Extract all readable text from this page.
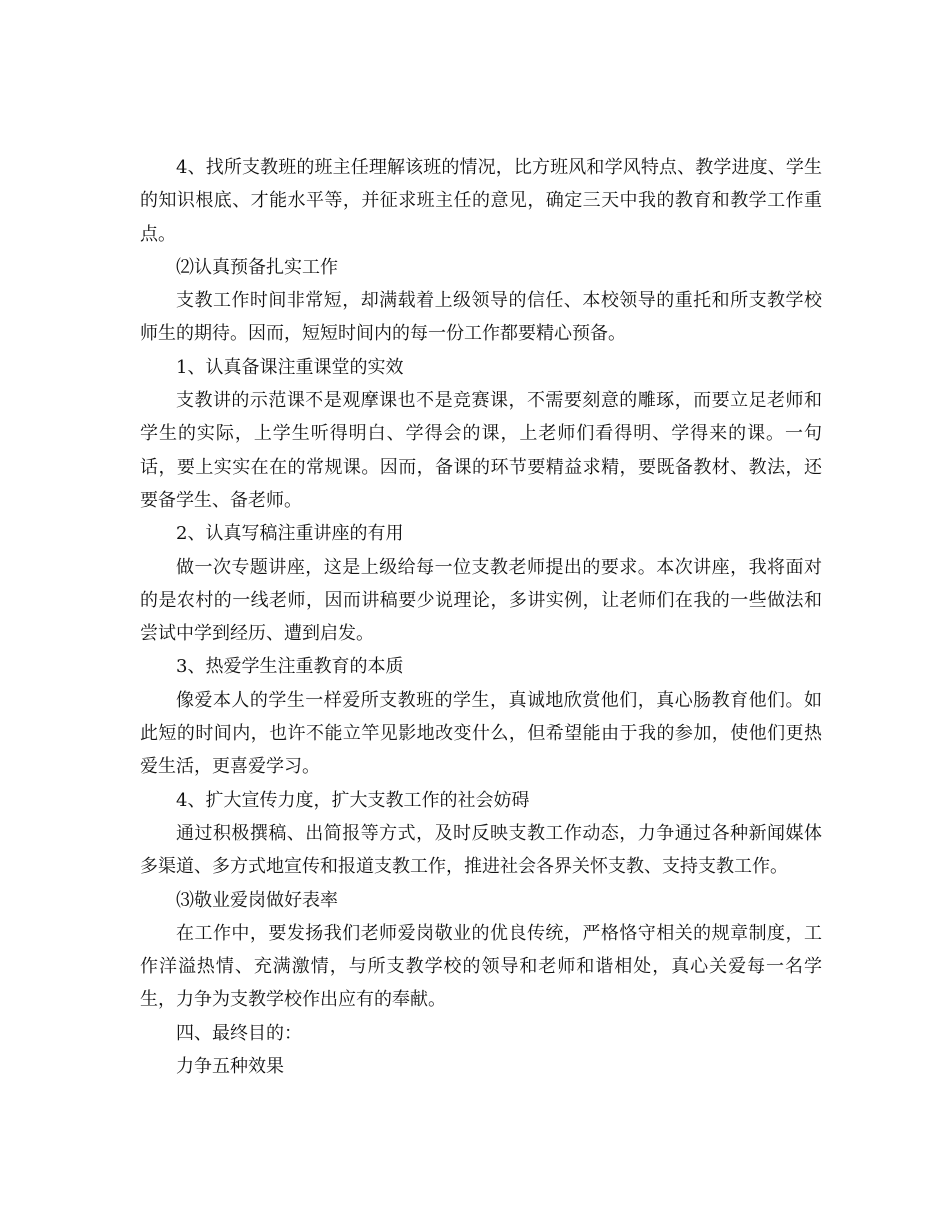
4、找所支教班的班主任理解该班的情况，比方班风和学风特点、教学进度、学生的知识根底、才能水平等，并征求班主任的意见，确定三天中我的教育和教学工作重点。

⑵认真预备扎实工作

支教工作时间非常短，却满载着上级领导的信任、本校领导的重托和所支教学校师生的期待。因而，短短时间内的每一份工作都要精心预备。

1、认真备课注重课堂的实效

支教讲的示范课不是观摩课也不是竞赛课，不需要刻意的雕琢，而要立足老师和学生的实际，上学生听得明白、学得会的课，上老师们看得明、学得来的课。一句话，要上实实在在的常规课。因而，备课的环节要精益求精，要既备教材、教法，还要备学生、备老师。

2、认真写稿注重讲座的有用

做一次专题讲座，这是上级给每一位支教老师提出的要求。本次讲座，我将面对的是农村的一线老师，因而讲稿要少说理论，多讲实例，让老师们在我的一些做法和尝试中学到经历、遭到启发。

3、热爱学生注重教育的本质

像爱本人的学生一样爱所支教班的学生，真诚地欣赏他们，真心肠教育他们。如此短的时间内，也许不能立竿见影地改变什么，但希望能由于我的参加，使他们更热爱生活，更喜爱学习。

4、扩大宣传力度，扩大支教工作的社会妨碍

通过积极撰稿、出简报等方式，及时反映支教工作动态，力争通过各种新闻媒体多渠道、多方式地宣传和报道支教工作，推进社会各界关怀支教、支持支教工作。

⑶敬业爱岗做好表率

在工作中，要发扬我们老师爱岗敬业的优良传统，严格恪守相关的规章制度，工作洋溢热情、充满激情，与所支教学校的领导和老师和谐相处，真心关爱每一名学生，力争为支教学校作出应有的奉献。

四、最终目的：

力争五种效果
